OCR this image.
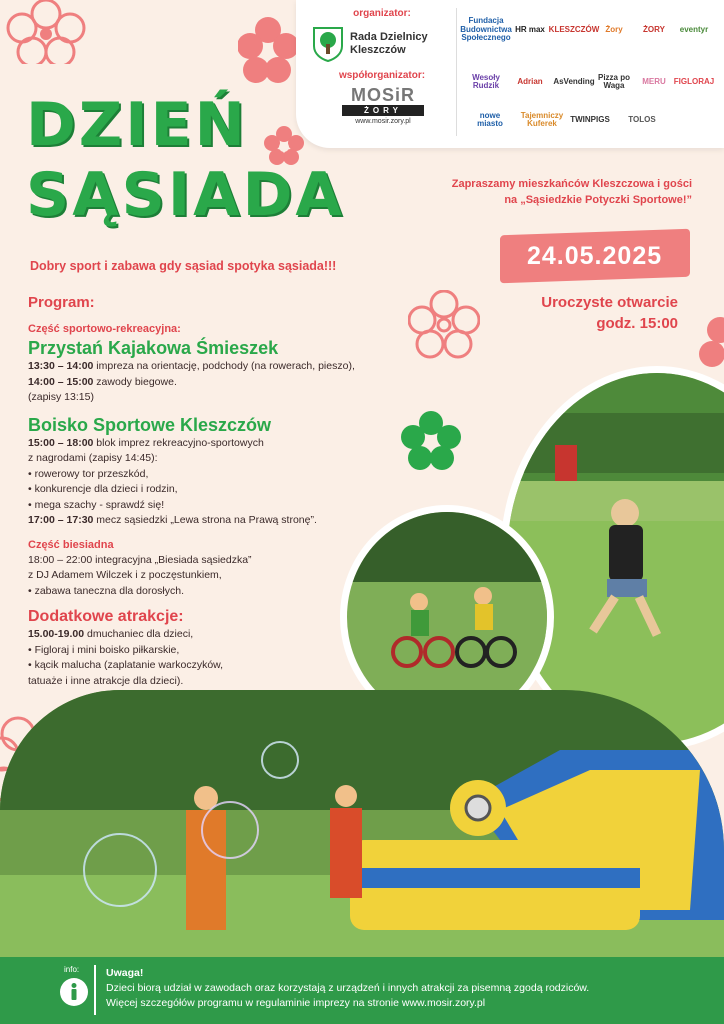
organizator:
Rada Dzielnicy Kleszczów
współorganizator:
MOSiR
ŻORY
www.mosir.zory.pl
Fundacja Budownictwa Społecznego
HR max KLESZCZÓW Żory	ŻORY	eventyr
Wesoły Rudzik	Adrian	AsVending Pizza po Waga	MERU	FIGLORAJ
nowe miasto
Tajemniczy Kuferek	TWINPIGS	TOLOS
DZIEŃ
SĄSIADA
Dobry sport i zabawa gdy sąsiad spotyka sąsiada!!!
Zapraszamy mieszkańców Kleszczowa i gości
na „Sąsiedzkie Potyczki Sportowe!”
24.05.2025
Uroczyste otwarcie
godz. 15:00

Program:

Część sportowo-rekreacyjna:

Przystań Kajakowa Śmieszek

13:30 – 14:00 impreza na orientację, podchody (na rowerach, pieszo),

14:00 – 15:00 zawody biegowe.

(zapisy 13:15)

Boisko Sportowe Kleszczów

15:00 – 18:00 blok imprez rekreacyjno-sportowych

z nagrodami (zapisy 14:45):

• rowerowy tor przeszkód,

• konkurencje dla dzieci i rodzin,

• mega szachy - sprawdź się!

17:00 – 17:30 mecz sąsiedzki „Lewa strona na Prawą stronę”.

Część biesiadna

18:00 – 22:00 integracyjna „Biesiada sąsiedzka”

z DJ Adamem Wilczek i z poczęstunkiem,

• zabawa taneczna dla dorosłych.

Dodatkowe atrakcje:

15.00-19.00 dmuchaniec dla dzieci,

• Figloraj i mini boisko piłkarskie,

• kącik malucha (zaplatanie warkoczyków,

tatuaże i inne atrakcje dla dzieci).

info:	Uwaga!
Dzieci biorą udział w zawodach oraz korzystają z urządzeń i innych atrakcji za pisemną zgodą rodziców.
Więcej szczegółów programu w regulaminie imprezy na stronie www.mosir.zory.pl
